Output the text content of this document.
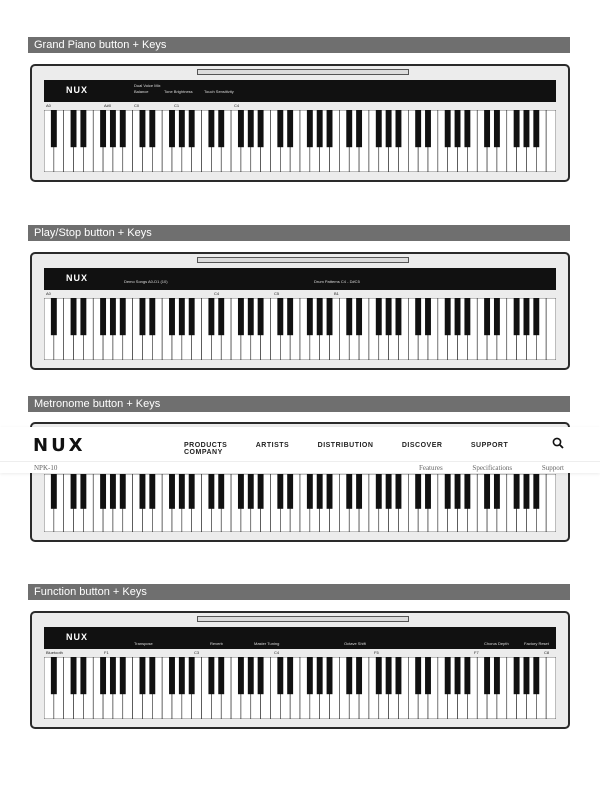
Grand Piano button + Keys
NUX	Dual Voice Mix
Balance	Tone Brightness	Touch Sensitivity
A0	A#0	C0	C1	C4
Play/Stop button + Keys
NUX	Demo Songs A0-D1 (10)	Drum Patterns C4 - D#C5
A0	C4	C5	B1
Metronome button + Keys
NUX	PRODUCTS	ARTISTS	DISTRIBUTION	DISCOVER	SUPPORT COMPANY
NPK-10	Features	Specifications	Support
Function button + Keys
NUX
Transpose	Reverb	Master Tuning	Octave Shift	Chorus Depth	Factory Reset
Bluetooth	F1	C3	C4	F5	F7	C8
